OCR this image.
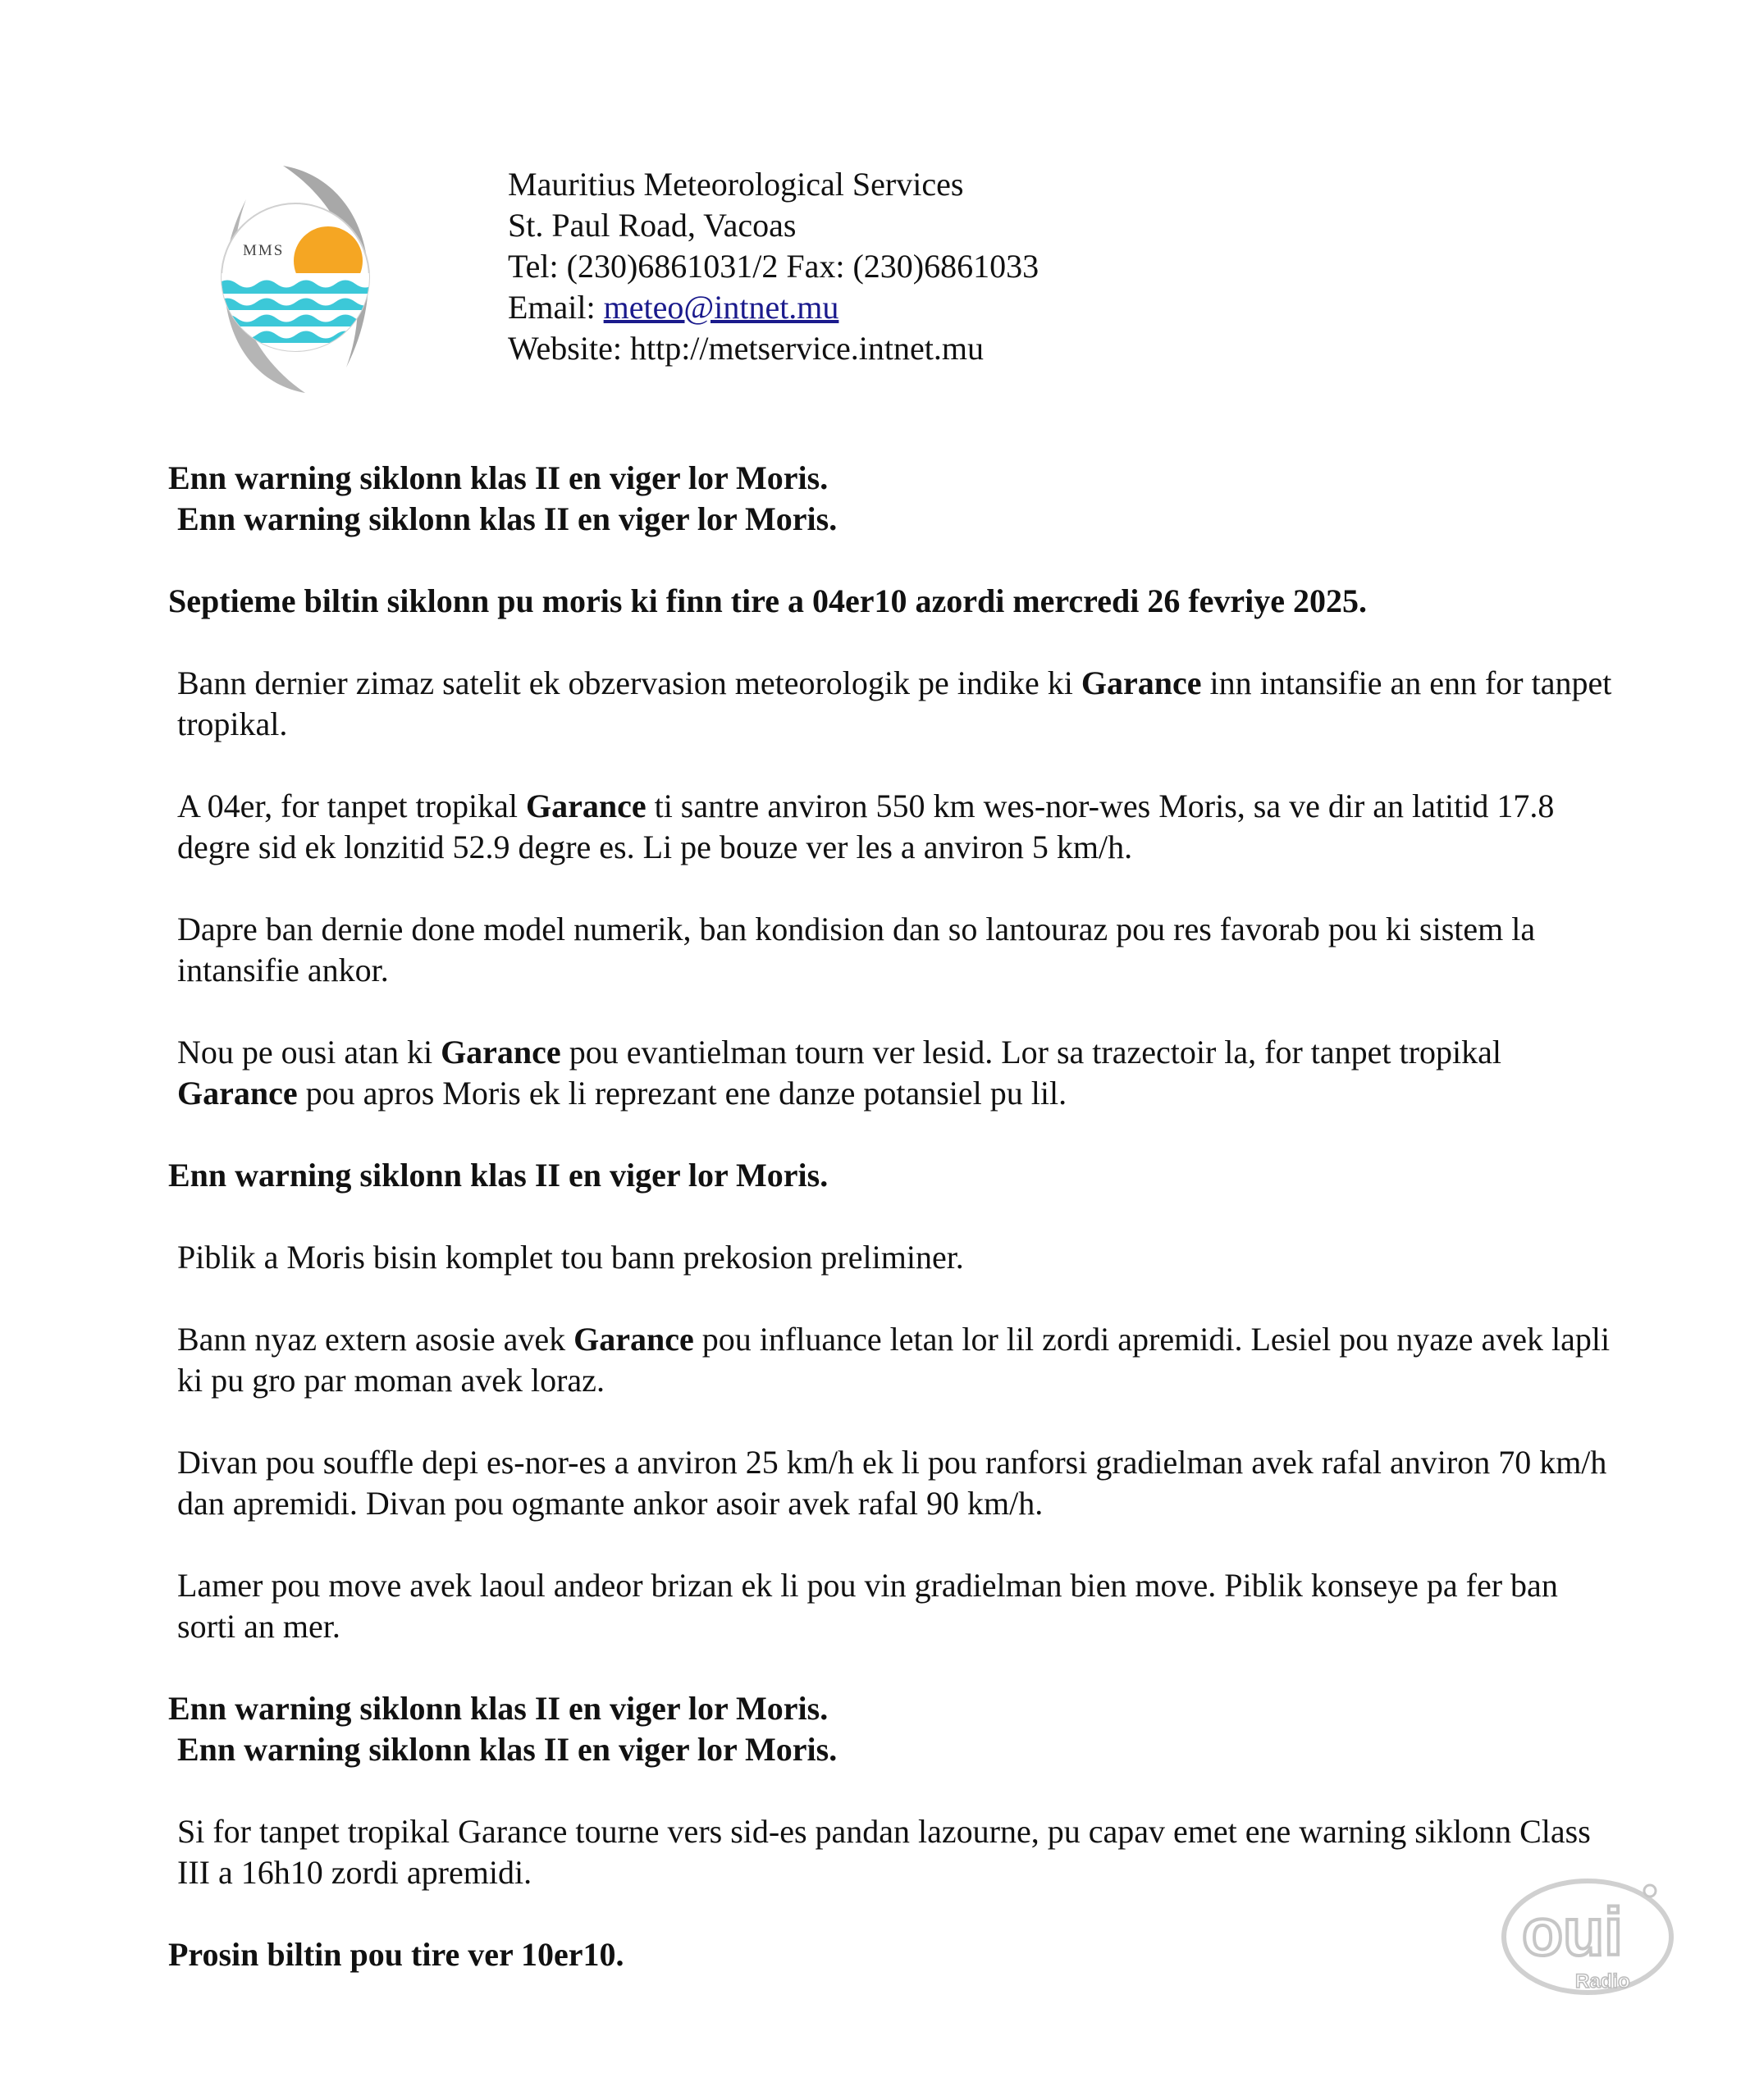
MMS
Mauritius Meteorological Services
St. Paul Road, Vacoas
Tel: (230)6861031/2 Fax: (230)6861033
Email: meteo@intnet.mu
Website: http://metservice.intnet.mu
Enn warning siklonn klas II en viger lor Moris.
Enn warning siklonn klas II en viger lor Moris.
Septieme biltin siklonn pu moris ki finn tire a 04er10 azordi mercredi 26 fevriye 2025.
Bann dernier zimaz satelit ek obzervasion meteorologik pe indike ki Garance inn intansifie an enn for tanpet tropikal.
A 04er, for tanpet tropikal Garance ti santre anviron 550 km wes-nor-wes Moris, sa ve dir an latitid 17.8 degre sid ek lonzitid 52.9 degre es. Li pe bouze ver les a anviron 5 km/h.
Dapre ban dernie done model numerik, ban kondision dan so lantouraz pou res favorab pou ki sistem la intansifie ankor.
Nou pe ousi atan ki Garance pou evantielman tourn ver lesid. Lor sa trazectoir la, for tanpet tropikal Garance pou apros Moris ek li reprezant ene danze potansiel pu lil.
Enn warning siklonn klas II en viger lor Moris.
Piblik a Moris bisin komplet tou bann prekosion preliminer.
Bann nyaz extern asosie avek Garance pou influance letan lor lil zordi apremidi. Lesiel pou nyaze avek lapli ki pu gro par moman avek loraz.
Divan pou souffle depi es-nor-es a anviron 25 km/h ek li pou ranforsi gradielman avek rafal anviron 70 km/h dan apremidi. Divan pou ogmante ankor asoir avek rafal 90 km/h.
Lamer pou move avek laoul andeor brizan ek li pou vin gradielman bien move. Piblik konseye pa fer ban sorti an mer.
Enn warning siklonn klas II en viger lor Moris.
Enn warning siklonn klas II en viger lor Moris.
Si for tanpet tropikal Garance tourne vers sid-es pandan lazourne, pu capav emet ene warning siklonn Class III a 16h10 zordi apremidi.
Prosin biltin pou tire ver 10er10.	oui
Radio
